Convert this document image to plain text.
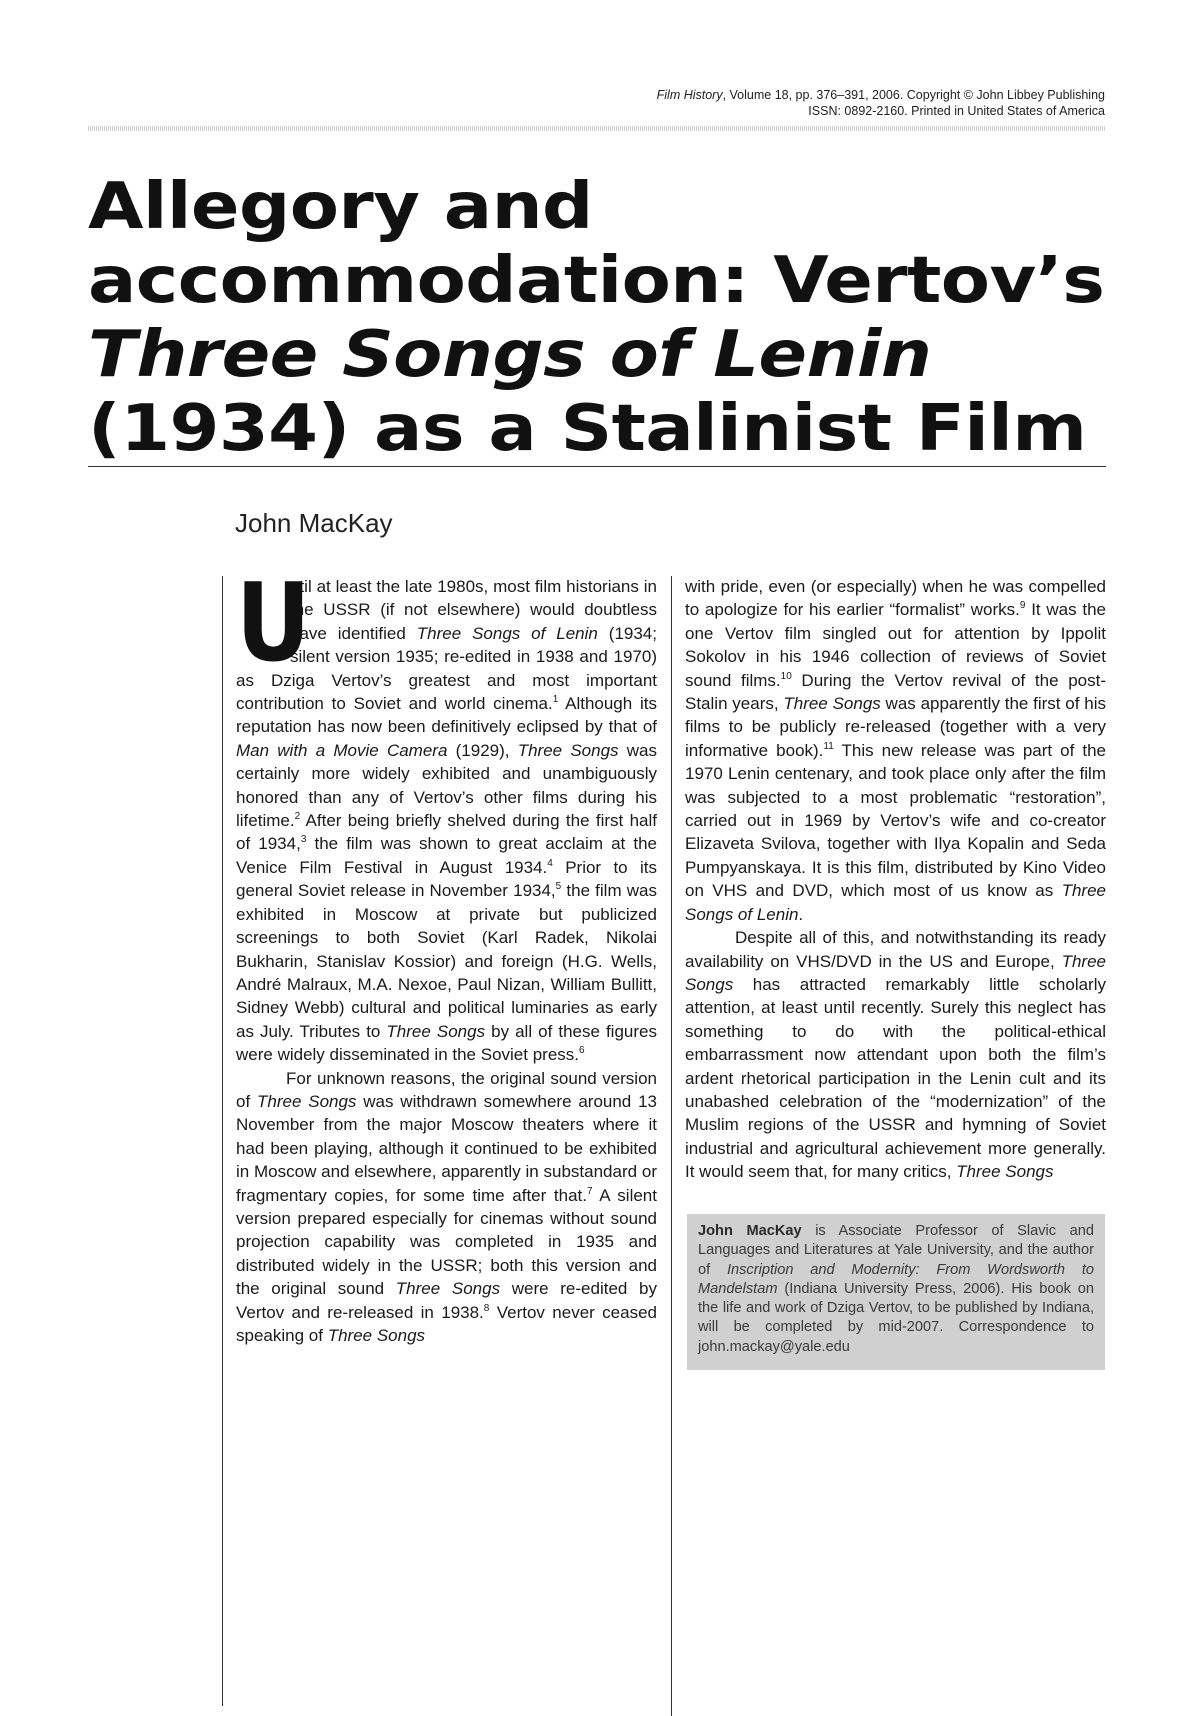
Film History, Volume 18, pp. 376–391, 2006. Copyright © John Libbey Publishing
ISSN: 0892-2160. Printed in United States of America
Allegory and
accommodation: Vertov’s
Three Songs of Lenin
(1934) as a Stalinist Film
John MacKay

U
ntil at least the late 1980s, most film historians in the USSR (if not elsewhere) would doubtless have identified Three Songs of Lenin (1934; silent version 1935; re-edited in 1938 and 1970) as Dziga Vertov’s greatest and most important contribution to Soviet and world cinema.$^1$ Although its reputation has now been definitively eclipsed by that of Man with a Movie Camera (1929), Three Songs was certainly more widely exhibited and unambiguously honored than any of Vertov’s other films during his lifetime.$^2$ After being briefly shelved during the first half of 1934,$^3$ the film was shown to great acclaim at the Venice Film Festival in August 1934.$^4$ Prior to its general Soviet release in November 1934,$^5$ the film was exhibited in Moscow at private but publicized screenings to both Soviet (Karl Radek, Nikolai Bukharin, Stanislav Kossior) and foreign (H.G. Wells, André Malraux, M.A. Nexoe, Paul Nizan, William Bullitt, Sidney Webb) cultural and political luminaries as early as July. Tributes to Three Songs by all of these figures were widely disseminated in the Soviet press.$^6$

For unknown reasons, the original sound version of Three Songs was withdrawn somewhere around 13 November from the major Moscow theaters where it had been playing, although it continued to be exhibited in Moscow and elsewhere, apparently in substandard or fragmentary copies, for some time after that.$^7$ A silent version prepared especially for cinemas without sound projection capability was completed in 1935 and distributed widely in the USSR; both this version and the original sound Three Songs were re-edited by Vertov and re-released in 1938.$^8$ Vertov never ceased speaking of Three Songs

with pride, even (or especially) when he was compelled to apologize for his earlier “formalist” works.$^9$ It was the one Vertov film singled out for attention by Ippolit Sokolov in his 1946 collection of reviews of Soviet sound films.$^{10}$ During the Vertov revival of the post-Stalin years, Three Songs was apparently the first of his films to be publicly re-released (together with a very informative book).$^{11}$ This new release was part of the 1970 Lenin centenary, and took place only after the film was subjected to a most problematic “restoration”, carried out in 1969 by Vertov’s wife and co-creator Elizaveta Svilova, together with Ilya Kopalin and Seda Pumpyanskaya. It is this film, distributed by Kino Video on VHS and DVD, which most of us know as Three Songs of Lenin.

Despite all of this, and notwithstanding its ready availability on VHS/DVD in the US and Europe, Three Songs has attracted remarkably little scholarly attention, at least until recently. Surely this neglect has something to do with the political-ethical embarrassment now attendant upon both the film’s ardent rhetorical participation in the Lenin cult and its unabashed celebration of the “modernization” of the Muslim regions of the USSR and hymning of Soviet industrial and agricultural achievement more generally. It would seem that, for many critics, Three Songs

John MacKay is Associate Professor of Slavic and Languages and Literatures at Yale University, and the author of Inscription and Modernity: From Wordsworth to Mandelstam (Indiana University Press, 2006). His book on the life and work of Dziga Vertov, to be published by Indiana, will be completed by mid-2007. Correspondence to john.mackay@yale.edu
